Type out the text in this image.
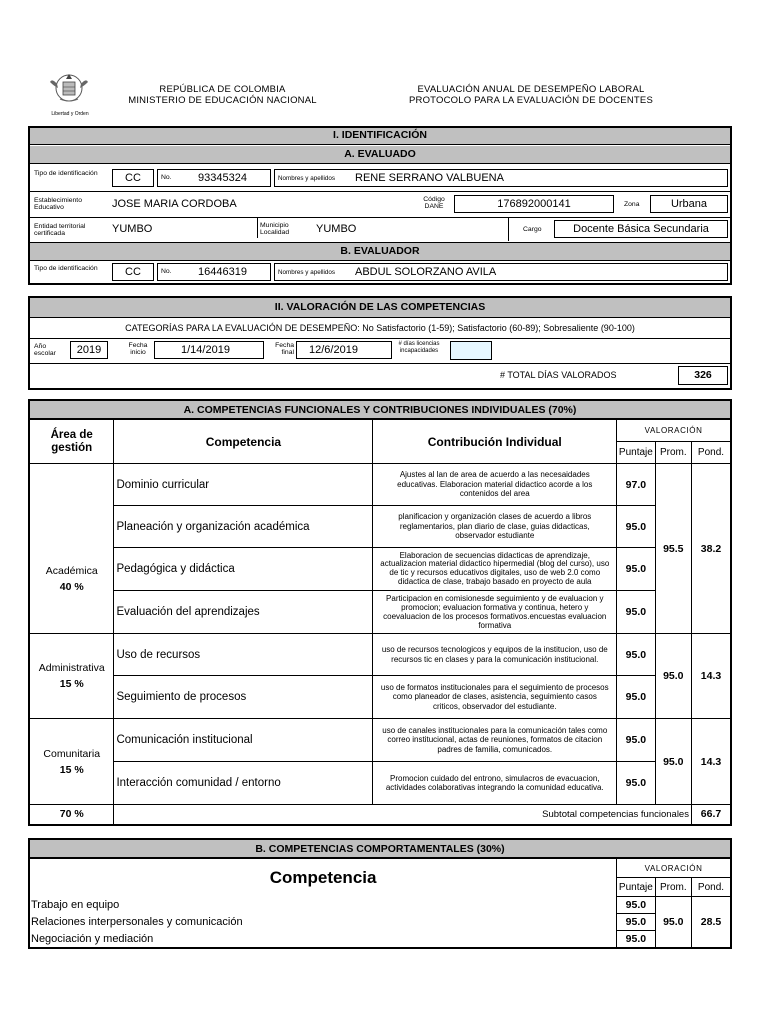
Libertad y Orden
REPÚBLICA DE COLOMBIA
MINISTERIO DE EDUCACIÓN NACIONAL
EVALUACIÓN ANUAL DE DESEMPEÑO LABORAL
PROTOCOLO PARA LA EVALUACIÓN DE DOCENTES
I. IDENTIFICACIÓN
A. EVALUADO
Tipo de identificación	CC	No. 93345324	Nombres y apellidos RENE SERRANO VALBUENA
Establecimiento Educativo	JOSE MARIA CORDOBA	Código DANE	176892000141	Zona	Urbana
Entidad territorial certificada	YUMBO	Municipio Localidad	YUMBO	Cargo	Docente Básica Secundaria
B. EVALUADOR
Tipo de identificación	CC	No. 16446319	Nombres y apellidos ABDUL SOLORZANO AVILA
II. VALORACIÓN DE LAS COMPETENCIAS
CATEGORÍAS PARA LA EVALUACIÓN DE DESEMPEÑO: No Satisfactorio (1-59); Satisfactorio (60-89); Sobresaliente (90-100)
Año escolar	2019	Fecha inicio	1/14/2019	Fecha final	12/6/2019	# días licencias incapacidades
# TOTAL DÍAS VALORADOS	326
A. COMPETENCIAS FUNCIONALES Y CONTRIBUCIONES INDIVIDUALES (70%)
Área de gestión	Competencia	Contribución Individual	VALORACIÓN		
			Puntaje	Prom.	Pond.

Académica
40 %	Dominio curricular	Ajustes al lan de area de acuerdo a las necesaidades educativas. Elaboracion material didactico acorde a los contenidos del area	97.0	95.5	38.2
	Planeación y organización académica	planificacion y organización clases de acuerdo a libros reglamentarios, plan diario de clase, guias didacticas, observador estudiante	95.0		
	Pedagógica y didáctica	Elaboracion de secuencias didacticas de aprendizaje, actualizacion material didactico hipermedial (blog del curso), uso de tic y recursos educativos digitales, uso de web 2.0 como didactica de clase, trabajo basado en proyecto de aula	95.0		
	Evaluación del aprendizajes	Participacion en comisionesde seguimiento y de evaluacion y promocion; evaluacion formativa y continua, hetero y coevaluacion de los procesos formativos.encuestas evaluacion formativa	95.0		

Administrativa
15 %	Uso de recursos	uso de recursos tecnologicos y equipos de la institucion, uso de recursos tic en clases y para la comunicación institucional.	95.0	95.0	14.3
	Seguimiento de procesos	uso de formatos institucionales para el seguimiento de procesos como planeador de clases, asistencia, seguimiento casos criticos, observador del estudiante.	95.0		

Comunitaria
15 %	Comunicación institucional	uso de canales institucionales para la comunicación tales como correo institucional, actas de reuniones, formatos de citacion padres de familia, comunicados.	95.0	95.0	14.3
	Interacción comunidad / entorno	Promocion cuidado del entrono, simulacros de evacuacion, actividades colaborativas integrando la comunidad educativa.	95.0		
70 %	Subtotal competencias funcionales				66.7
B. COMPETENCIAS COMPORTAMENTALES (30%)
Competencia	VALORACIÓN		
	Puntaje	Prom.	Pond.
Trabajo en equipo	95.0	95.0	28.5
Relaciones interpersonales y comunicación	95.0		
Negociación y mediación	95.0		
